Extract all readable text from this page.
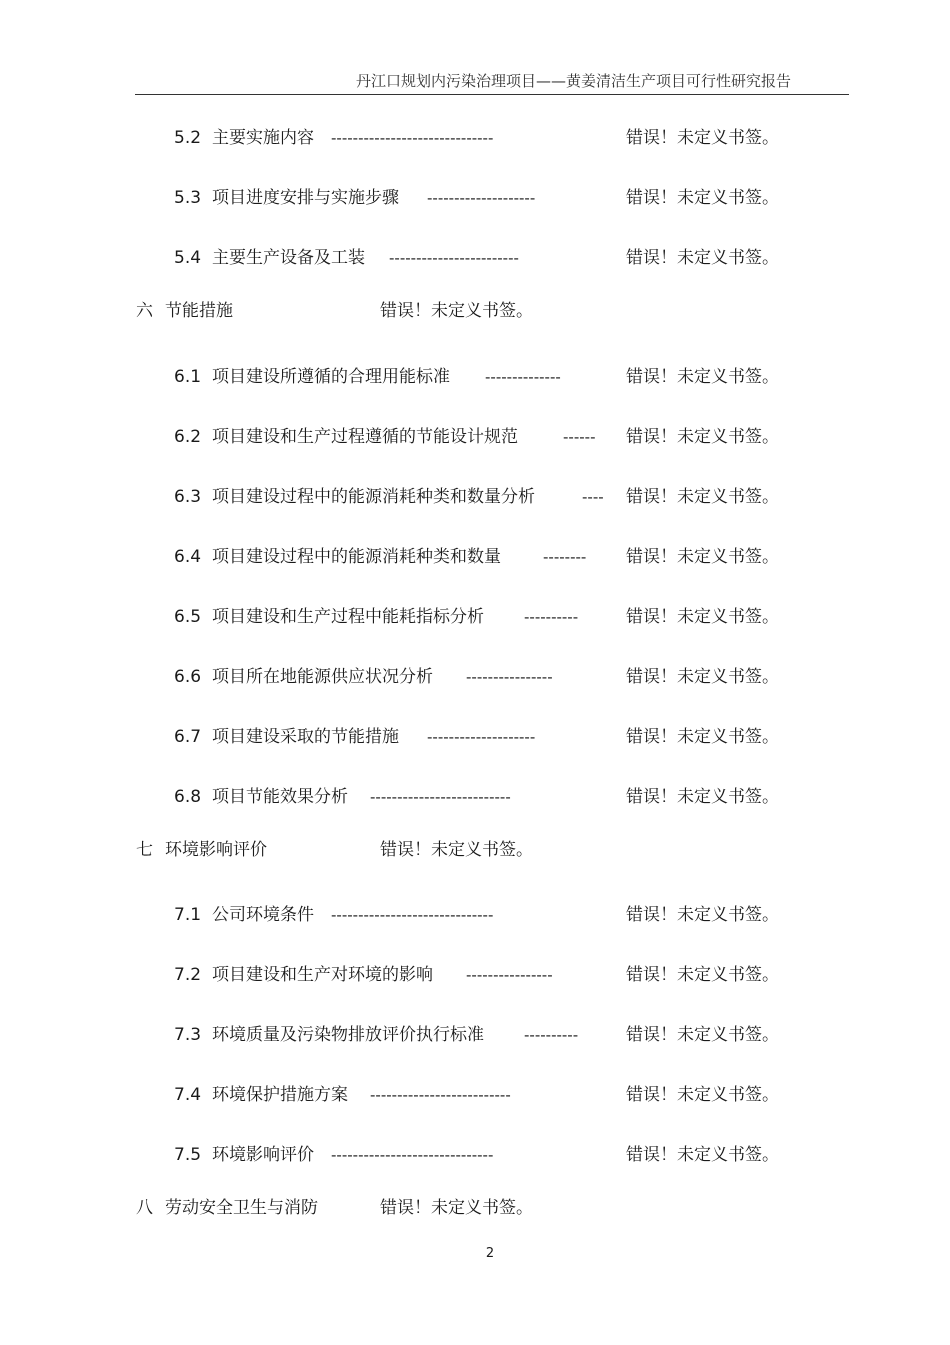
丹江口规划内污染治理项目——黄姜清洁生产项目可行性研究报告
5.2 主要实施内容 ------------------------------	错误！未定义书签。
5.3 项目进度安排与实施步骤 --------------------	错误！未定义书签。
5.4 主要生产设备及工装 ------------------------	错误！未定义书签。
六 节能措施	错误！未定义书签。
6.1 项目建设所遵循的合理用能标准 --------------	错误！未定义书签。
6.2 项目建设和生产过程遵循的节能设计规范	------ 错误！未定义书签。
6.3 项目建设过程中的能源消耗种类和数量分析	---- 错误！未定义书签。
6.4 项目建设过程中的能源消耗种类和数量	-------- 错误！未定义书签。
6.5 项目建设和生产过程中能耗指标分析	----------	错误！未定义书签。
6.6 项目所在地能源供应状况分析 ----------------	错误！未定义书签。
6.7 项目建设采取的节能措施 --------------------	错误！未定义书签。
6.8 项目节能效果分析 --------------------------	错误！未定义书签。
七 环境影响评价	错误！未定义书签。
7.1 公司环境条件 ------------------------------	错误！未定义书签。
7.2 项目建设和生产对环境的影响 ----------------	错误！未定义书签。
7.3 环境质量及污染物排放评价执行标准	----------	错误！未定义书签。
7.4 环境保护措施方案 --------------------------	错误！未定义书签。
7.5 环境影响评价 ------------------------------	错误！未定义书签。
八 劳动安全卫生与消防	错误！未定义书签。
2
